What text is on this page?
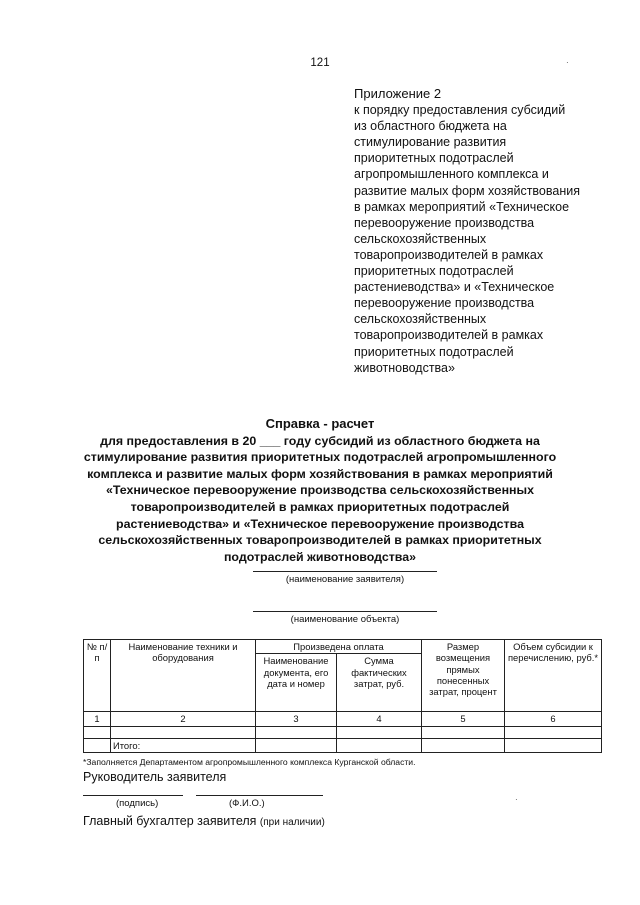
121
Приложение 2
к порядку предоставления субсидий
из областного бюджета на
стимулирование развития
приоритетных подотраслей
агропромышленного комплекса и
развитие малых форм хозяйствования
в рамках мероприятий «Техническое
перевооружение производства
сельскохозяйственных
товаропроизводителей в рамках
приоритетных подотраслей
растениеводства» и «Техническое
перевооружение производства
сельскохозяйственных
товаропроизводителей в рамках
приоритетных подотраслей
животноводства»
Справка - расчет
для предоставления в 20 ___ году субсидий из областного бюджета на
стимулирование развития приоритетных подотраслей агропромышленного
комплекса и развитие малых форм хозяйствования в рамках мероприятий
«Техническое перевооружение производства сельскохозяйственных
товаропроизводителей в рамках приоритетных подотраслей
растениеводства» и «Техническое перевооружение производства
сельскохозяйственных товаропроизводителей в рамках приоритетных
подотраслей животноводства»
(наименование заявителя)
(наименование объекта)
№ п/п	Наименование техники и оборудования	Произведена оплата		Размер возмещения прямых понесенных затрат, процент	Объем субсидии к перечислению, руб.*
		Наименование документа, его дата и номер	Сумма фактических затрат, руб.		
1	2	3	4	5	6

	Итого:				
*Заполняется Департаментом агропромышленного комплекса Курганской области.
Руководитель заявителя
(подпись)	(Ф.И.О.)
Главный бухгалтер заявителя (при наличии)
·
·
